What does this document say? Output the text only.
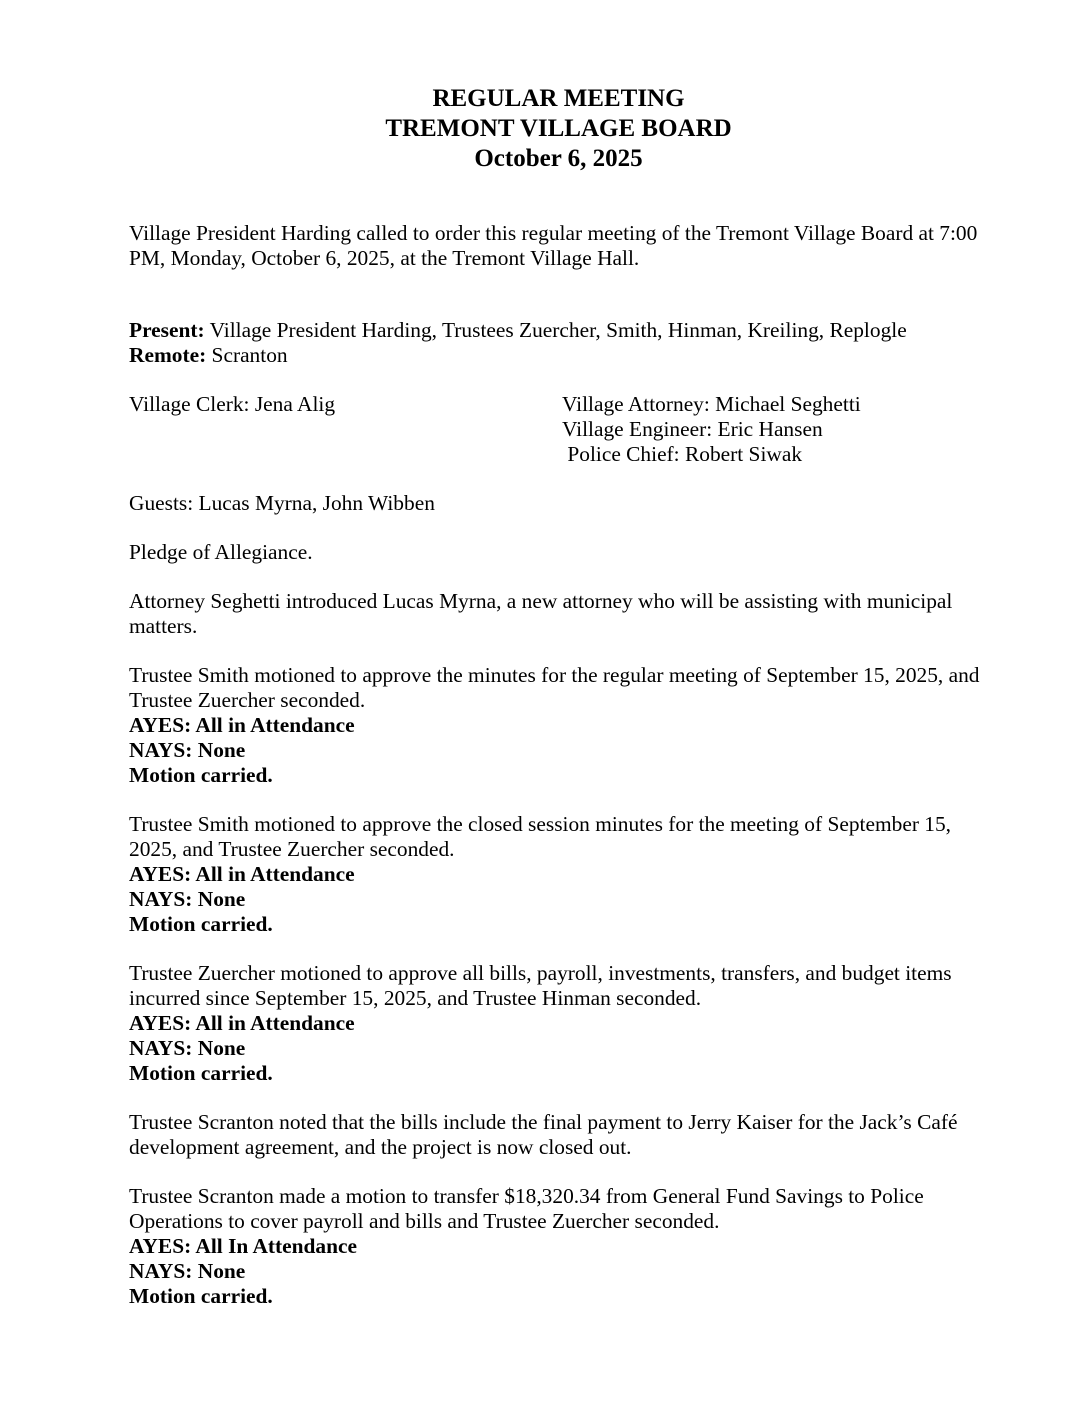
REGULAR MEETING
TREMONT VILLAGE BOARD
October 6, 2025
Village President Harding called to order this regular meeting of the Tremont Village Board at 7:00
PM, Monday, October 6, 2025, at the Tremont Village Hall.
Present: Village President Harding, Trustees Zuercher, Smith, Hinman, Kreiling, Replogle
Remote: Scranton
Village Clerk: Jena Alig	Village Attorney: Michael Seghetti
Village Engineer: Eric Hansen
Police Chief: Robert Siwak
Guests: Lucas Myrna, John Wibben
Pledge of Allegiance.
Attorney Seghetti introduced Lucas Myrna, a new attorney who will be assisting with municipal
matters.
Trustee Smith motioned to approve the minutes for the regular meeting of September 15, 2025, and
Trustee Zuercher seconded.
AYES: All in Attendance
NAYS: None
Motion carried.
Trustee Smith motioned to approve the closed session minutes for the meeting of September 15,
2025, and Trustee Zuercher seconded.
AYES: All in Attendance
NAYS: None
Motion carried.
Trustee Zuercher motioned to approve all bills, payroll, investments, transfers, and budget items
incurred since September 15, 2025, and Trustee Hinman seconded.
AYES: All in Attendance
NAYS: None
Motion carried.
Trustee Scranton noted that the bills include the final payment to Jerry Kaiser for the Jack’s Café
development agreement, and the project is now closed out.
Trustee Scranton made a motion to transfer $18,320.34 from General Fund Savings to Police
Operations to cover payroll and bills and Trustee Zuercher seconded.
AYES: All In Attendance
NAYS: None
Motion carried.
